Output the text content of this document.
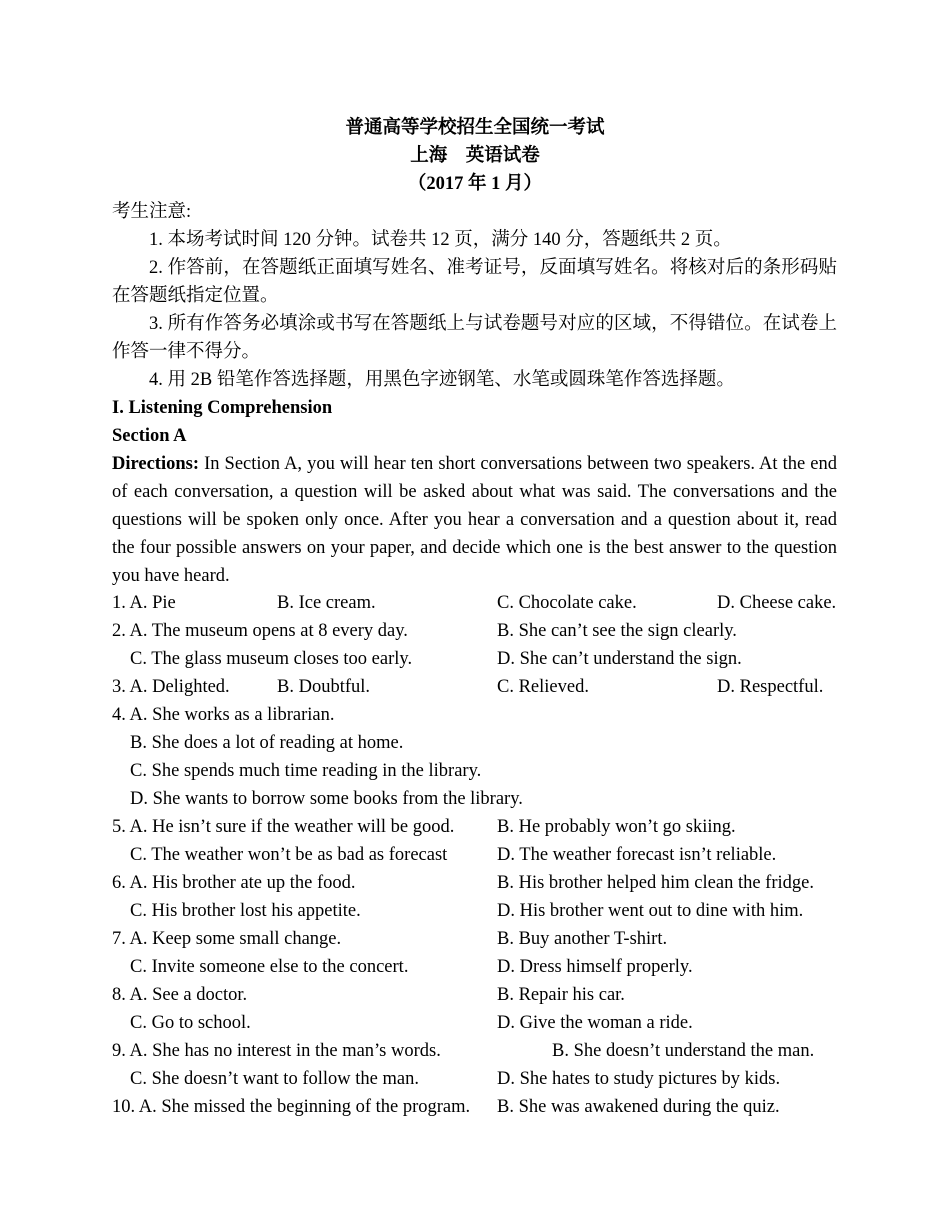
普通高等学校招生全国统一考试
上海　英语试卷
（2017 年 1 月）
考生注意:
1. 本场考试时间 120 分钟。试卷共 12 页，满分 140 分，答题纸共 2 页。
2. 作答前，在答题纸正面填写姓名、准考证号，反面填写姓名。将核对后的条形码贴在答题纸指定位置。
3. 所有作答务必填涂或书写在答题纸上与试卷题号对应的区域，不得错位。在试卷上作答一律不得分。
4. 用 2B 铅笔作答选择题，用黑色字迹钢笔、水笔或圆珠笔作答选择题。
I. Listening Comprehension
Section A
Directions: In Section A, you will hear ten short conversations between two speakers. At the end of each conversation, a question will be asked about what was said. The conversations and the questions will be spoken only once. After you hear a conversation and a question about it, read the four possible answers on your paper, and decide which one is the best answer to the question you have heard.
1. A. Pie	B. Ice cream.	C. Chocolate cake.	D. Cheese cake.
2. A. The museum opens at 8 every day.	B. She can’t see the sign clearly.
C. The glass museum closes too early.	D. She can’t understand the sign.
3. A. Delighted.	B. Doubtful.	C. Relieved.	D. Respectful.
4. A. She works as a librarian.
B. She does a lot of reading at home.
C. She spends much time reading in the library.
D. She wants to borrow some books from the library.
5. A. He isn’t sure if the weather will be good. B. He probably won’t go skiing.
C. The weather won’t be as bad as forecast	D. The weather forecast isn’t reliable.
6. A. His brother ate up the food.	B. His brother helped him clean the fridge.
C. His brother lost his appetite.	D. His brother went out to dine with him.
7. A. Keep some small change.	B. Buy another T-shirt.
C. Invite someone else to the concert.	D. Dress himself properly.
8. A. See a doctor.	B. Repair his car.
C. Go to school.	D. Give the woman a ride.
9. A. She has no interest in the man’s words.	B. She doesn’t understand the man.
C. She doesn’t want to follow the man.	D. She hates to study pictures by kids.
10. A. She missed the beginning of the program. B. She was awakened during the quiz.
